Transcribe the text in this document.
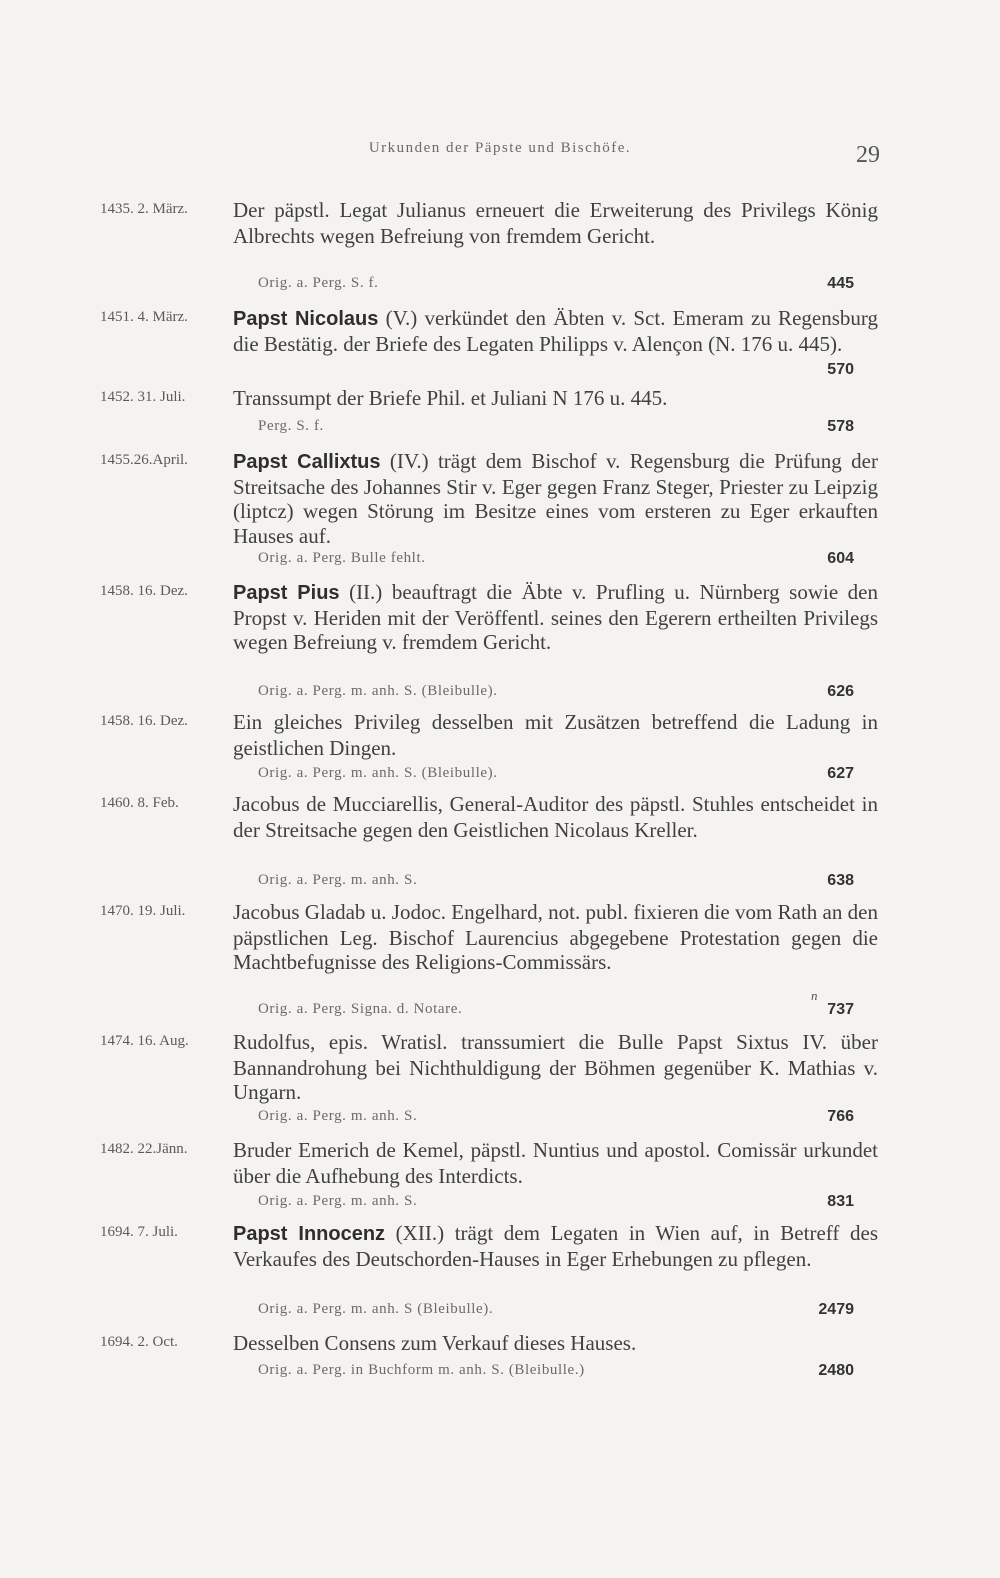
Urkunden der Päpste und Bischöfe.	29
1435. 2. März.	Der päpstl. Legat Julianus erneuert die Erweiterung des Privilegs König Albrechts wegen Befreiung von fremdem Gericht.
Orig. a. Perg. S. f.	445
1451. 4. März.	Papst Nicolaus (V.) verkündet den Äbten v. Sct. Emeram zu Regensburg die Bestätig. der Briefe des Legaten Philipps v. Alençon (N. 176 u. 445).
570
1452. 31. Juli.	Transsumpt der Briefe Phil. et Juliani N 176 u. 445.
Perg. S. f.	578
1455.26.April.	Papst Callixtus (IV.) trägt dem Bischof v. Regensburg die Prüfung der Streitsache des Johannes Stir v. Eger gegen Franz Steger, Priester zu Leipzig (liptcz) wegen Störung im Besitze eines vom ersteren zu Eger erkauften Hauses auf.
Orig. a. Perg. Bulle fehlt.	604
1458. 16. Dez.	Papst Pius (II.) beauftragt die Äbte v. Prufling u. Nürnberg sowie den Propst v. Heriden mit der Veröffentl. seines den Egerern ertheilten Privilegs wegen Befreiung v. fremdem Gericht.
Orig. a. Perg. m. anh. S. (Bleibulle).	626
1458. 16. Dez.	Ein gleiches Privileg desselben mit Zusätzen betreffend die Ladung in geistlichen Dingen.
Orig. a. Perg. m. anh. S. (Bleibulle).	627
1460. 8. Feb.	Jacobus de Mucciarellis, General-Auditor des päpstl. Stuhles entscheidet in der Streitsache gegen den Geistlichen Nicolaus Kreller.
Orig. a. Perg. m. anh. S.	638
1470. 19. Juli.	Jacobus Gladab u. Jodoc. Engelhard, not. publ. fixieren die vom Rath an den päpstlichen Leg. Bischof Laurencius abgegebene Protestation gegen die Machtbefugnisse des Religions-Commissärs.
n
Orig. a. Perg. Signa. d. Notare.	737
1474. 16. Aug.	Rudolfus, epis. Wratisl. transsumiert die Bulle Papst Sixtus IV. über Bannandrohung bei Nichthuldigung der Böhmen gegenüber K. Mathias v. Ungarn.
Orig. a. Perg. m. anh. S.	766
1482. 22.Jänn.	Bruder Emerich de Kemel, päpstl. Nuntius und apostol. Comissär urkundet über die Aufhebung des Interdicts.
Orig. a. Perg. m. anh. S.	831
1694. 7. Juli.	Papst Innocenz (XII.) trägt dem Legaten in Wien auf, in Betreff des Verkaufes des Deutschorden-Hauses in Eger Erhebungen zu pflegen.
Orig. a. Perg. m. anh. S (Bleibulle).	2479
1694. 2. Oct.	Desselben Consens zum Verkauf dieses Hauses.
Orig. a. Perg. in Buchform m. anh. S. (Bleibulle.)	2480
